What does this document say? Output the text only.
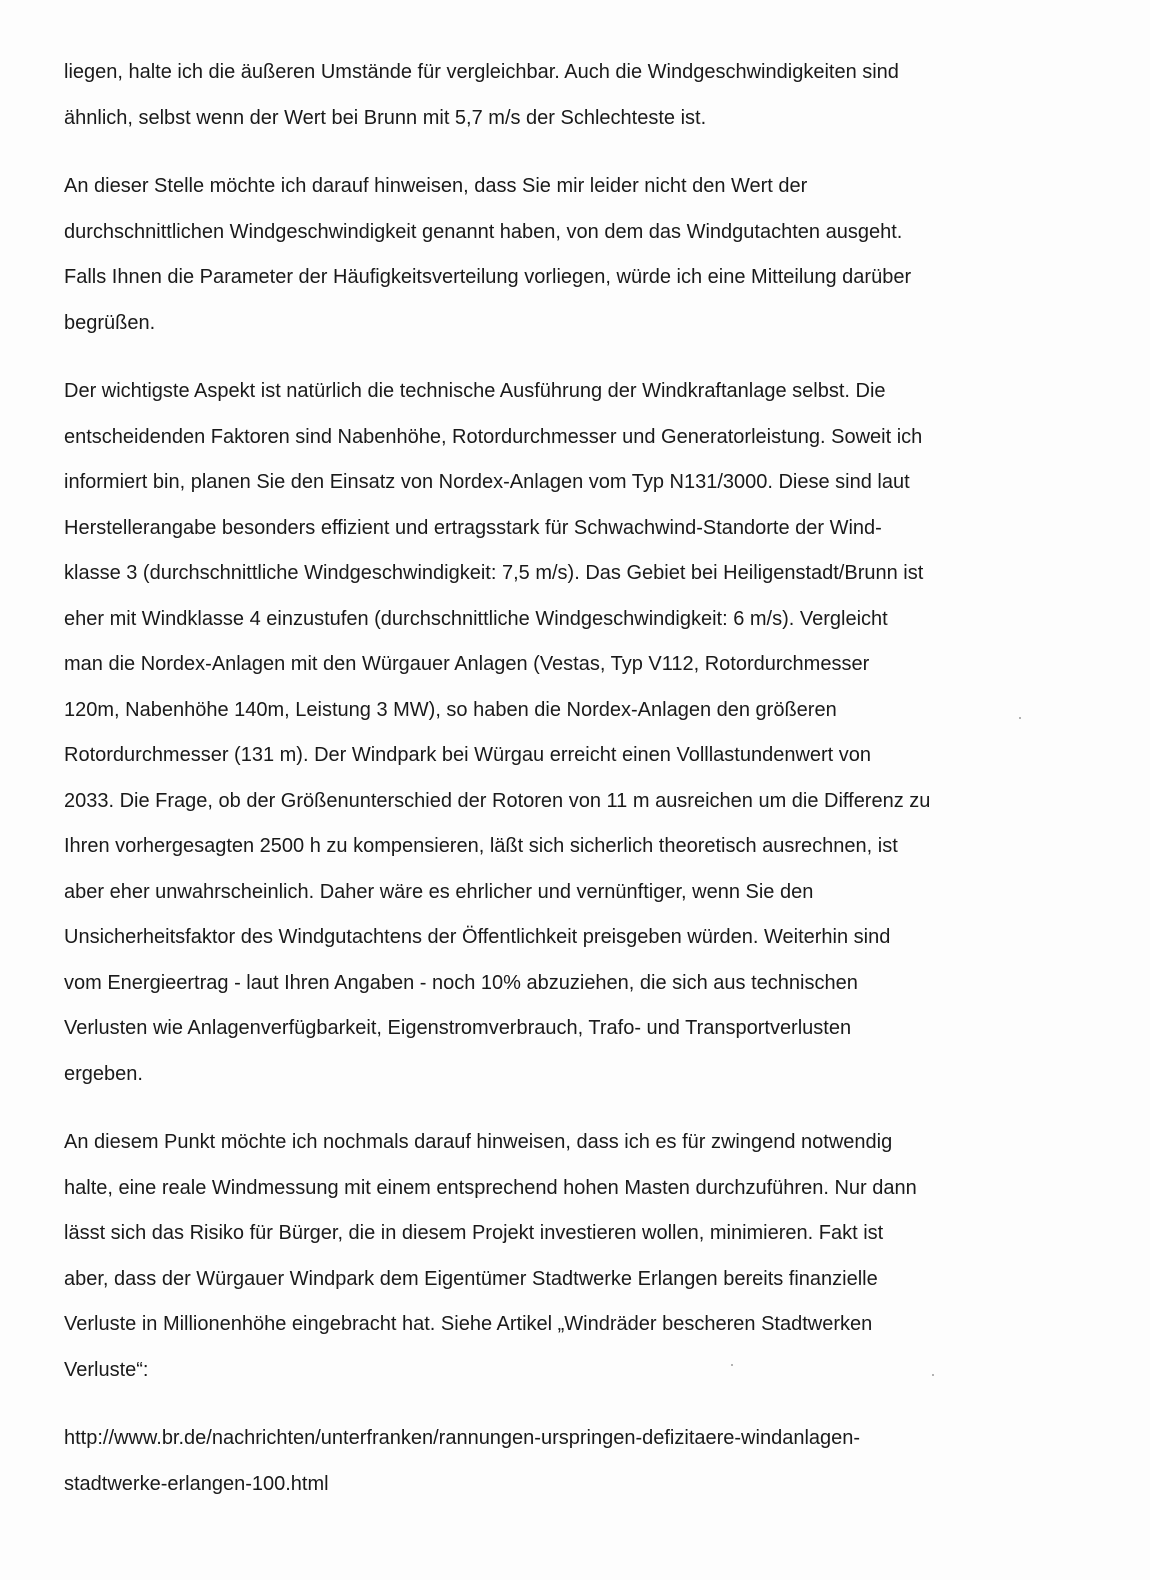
liegen, halte ich die äußeren Umstände für vergleichbar. Auch die Windgeschwindigkeiten sind
ähnlich, selbst wenn der Wert bei Brunn mit 5,7 m/s der Schlechteste ist.
An dieser Stelle möchte ich darauf hinweisen, dass Sie mir leider nicht den Wert der
durchschnittlichen Windgeschwindigkeit genannt haben, von dem das Windgutachten ausgeht.
Falls Ihnen die Parameter der Häufigkeitsverteilung vorliegen, würde ich eine Mitteilung darüber
begrüßen.
Der wichtigste Aspekt ist natürlich die technische Ausführung der Windkraftanlage selbst. Die
entscheidenden Faktoren sind Nabenhöhe, Rotordurchmesser und Generatorleistung. Soweit ich
informiert bin, planen Sie den Einsatz von Nordex-Anlagen vom Typ N131/3000. Diese sind laut
Herstellerangabe besonders effizient und ertragsstark für Schwachwind-Standorte der Wind-
klasse 3 (durchschnittliche Windgeschwindigkeit: 7,5 m/s). Das Gebiet bei Heiligenstadt/Brunn ist
eher mit Windklasse 4 einzustufen (durchschnittliche Windgeschwindigkeit: 6 m/s). Vergleicht
man die Nordex-Anlagen mit den Würgauer Anlagen (Vestas, Typ V112, Rotordurchmesser
120m, Nabenhöhe 140m, Leistung 3 MW), so haben die Nordex-Anlagen den größeren
Rotordurchmesser (131 m). Der Windpark bei Würgau erreicht einen Volllastundenwert von
2033. Die Frage, ob der Größenunterschied der Rotoren von 11 m ausreichen um die Differenz zu
Ihren vorhergesagten 2500 h zu kompensieren, läßt sich sicherlich theoretisch ausrechnen, ist
aber eher unwahrscheinlich. Daher wäre es ehrlicher und vernünftiger, wenn Sie den
Unsicherheitsfaktor des Windgutachtens der Öffentlichkeit preisgeben würden. Weiterhin sind
vom Energieertrag - laut Ihren Angaben - noch 10% abzuziehen, die sich aus technischen
Verlusten wie Anlagenverfügbarkeit, Eigenstromverbrauch, Trafo- und Transportverlusten
ergeben.
An diesem Punkt möchte ich nochmals darauf hinweisen, dass ich es für zwingend notwendig
halte, eine reale Windmessung mit einem entsprechend hohen Masten durchzuführen. Nur dann
lässt sich das Risiko für Bürger, die in diesem Projekt investieren wollen, minimieren. Fakt ist
aber, dass der Würgauer Windpark dem Eigentümer Stadtwerke Erlangen bereits finanzielle
Verluste in Millionenhöhe eingebracht hat. Siehe Artikel „Windräder bescheren Stadtwerken
Verluste“:
http://www.br.de/nachrichten/unterfranken/rannungen-urspringen-defizitaere-windanlagen-
stadtwerke-erlangen-100.html
